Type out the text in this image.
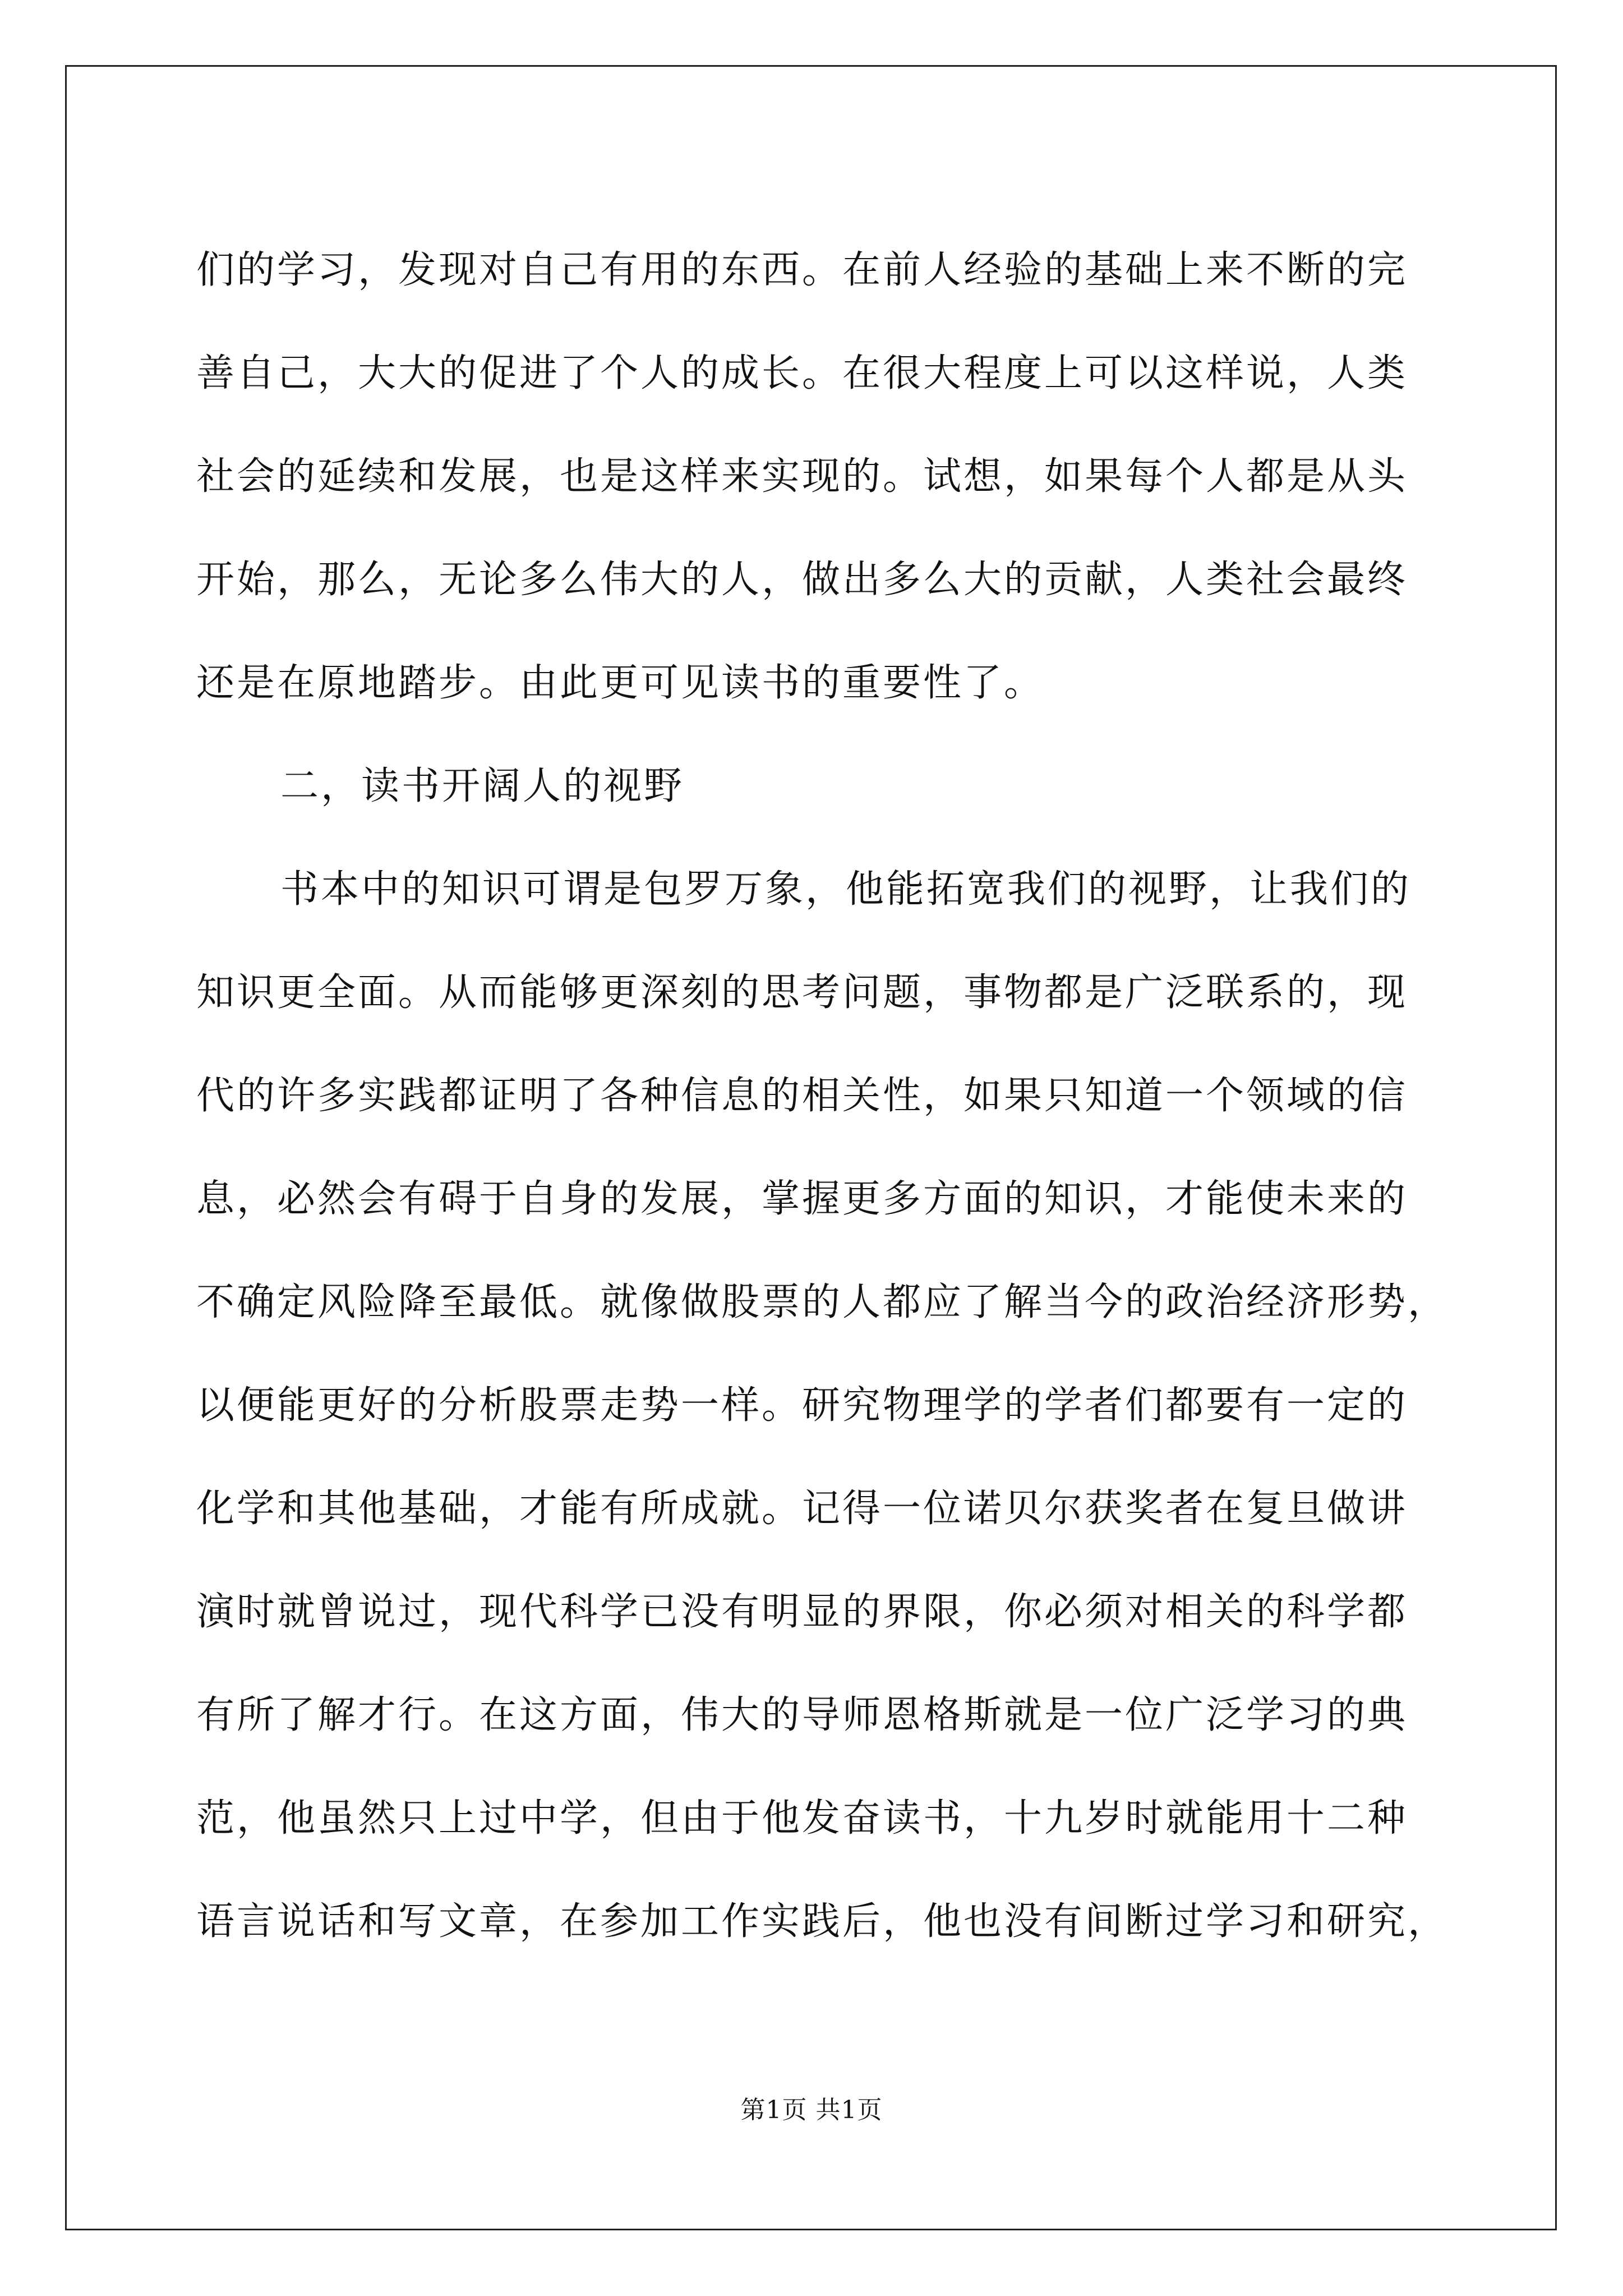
们的学习，发现对自己有用的东西。在前人经验的基础上来不断的完
善自己，大大的促进了个人的成长。在很大程度上可以这样说，人类
社会的延续和发展，也是这样来实现的。试想，如果每个人都是从头
开始，那么，无论多么伟大的人，做出多么大的贡献，人类社会最终
还是在原地踏步。由此更可见读书的重要性了。
二，读书开阔人的视野
书本中的知识可谓是包罗万象，他能拓宽我们的视野，让我们的
知识更全面。从而能够更深刻的思考问题，事物都是广泛联系的，现
代的许多实践都证明了各种信息的相关性，如果只知道一个领域的信
息，必然会有碍于自身的发展，掌握更多方面的知识，才能使未来的
不确定风险降至最低。就像做股票的人都应了解当今的政治经济形势，
以便能更好的分析股票走势一样。研究物理学的学者们都要有一定的
化学和其他基础，才能有所成就。记得一位诺贝尔获奖者在复旦做讲
演时就曾说过，现代科学已没有明显的界限，你必须对相关的科学都
有所了解才行。在这方面，伟大的导师恩格斯就是一位广泛学习的典
范，他虽然只上过中学，但由于他发奋读书，十九岁时就能用十二种
语言说话和写文章，在参加工作实践后，他也没有间断过学习和研究，
第1页 共1页
